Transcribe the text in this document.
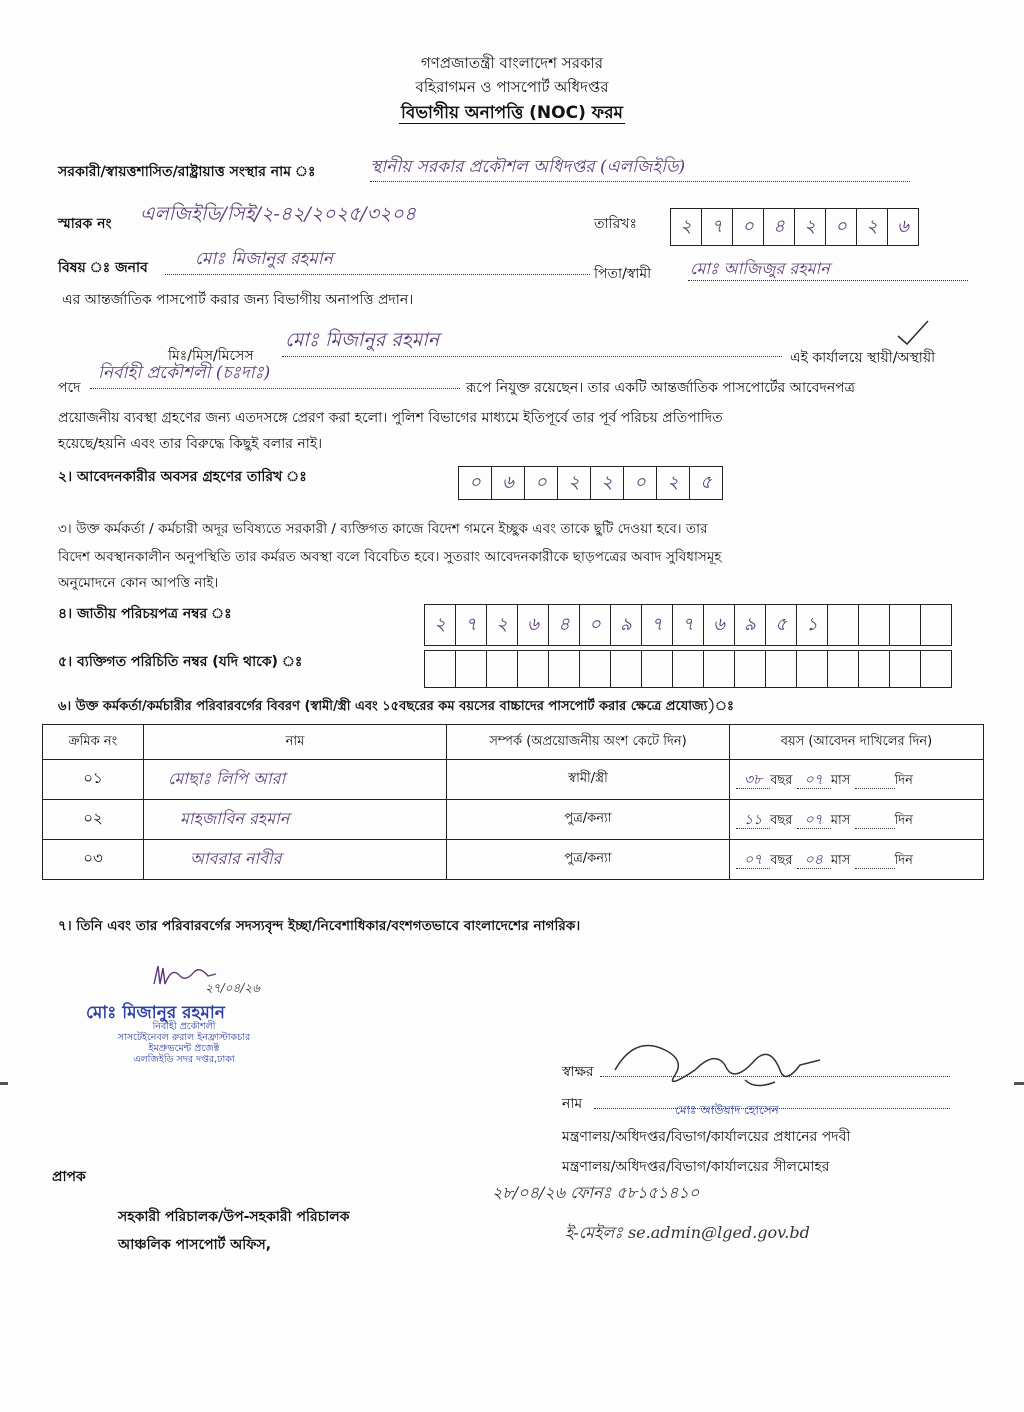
গণপ্রজাতন্ত্রী বাংলাদেশ সরকার
বহিরাগমন ও পাসপোর্ট অধিদপ্তর
বিভাগীয় অনাপত্তি (NOC) ফরম
সরকারী/স্বায়ত্তশাসিত/রাষ্ট্রায়াত্ত সংস্থার নাম ঃ	স্থানীয় সরকার প্রকৌশল অধিদপ্তর (এলজিইডি)
স্মারক নং এলজিইডি/সিই/২-৪২/২০২৫/৩২০৪	তারিখঃ	২	৭	০	৪	২	০	২	৬
বিষয় ঃ জনাব	মোঃ মিজানুর রহমান
পিতা/স্বামী মোঃ আজিজুর রহমান
এর আন্তর্জাতিক পাসপোর্ট করার জন্য বিভাগীয় অনাপত্তি প্রদান।
মিঃ/মিস/মিসেস
মোঃ মিজানুর রহমান
এই কার্যালয়ে স্থায়ী/অস্থায়ী
পদে
নির্বাহী প্রকৌশলী (চঃদাঃ)
রূপে নিযুক্ত রয়েছেন। তার একটি আন্তর্জাতিক পাসপোর্টের আবেদনপত্র
প্রয়োজনীয় ব্যবস্থা গ্রহণের জন্য এতদসঙ্গে প্রেরণ করা হলো। পুলিশ বিভাগের মাধ্যমে ইতিপূর্বে তার পূর্ব পরিচয় প্রতিপাদিত
হয়েছে/হয়নি এবং তার বিরুদ্ধে কিছুই বলার নাই।
২। আবেদনকারীর অবসর গ্রহণের তারিখ ঃ	০	৬	০	২	২	০	২	৫
৩। উক্ত কর্মকর্তা / কর্মচারী অদূর ভবিষ্যতে সরকারী / ব্যক্তিগত কাজে বিদেশ গমনে ইচ্ছুক এবং তাকে ছুটি দেওয়া হবে। তার
বিদেশ অবস্থানকালীন অনুপস্থিতি তার কর্মরত অবস্থা বলে বিবেচিত হবে। সুতরাং আবেদনকারীকে ছাড়পত্রের অবাদ সুবিধাসমূহ
অনুমোদনে কোন আপত্তি নাই।
৪। জাতীয় পরিচয়পত্র নম্বর ঃ	২	৭	২	৬	৪	০	৯	৭	৭	৬	৯	৫	১
৫। ব্যক্তিগত পরিচিতি নম্বর (যদি থাকে) ঃ
৬। উক্ত কর্মকর্তা/কর্মচারীর পরিবারবর্গের বিবরণ (স্বামী/স্ত্রী এবং ১৫বছরের কম বয়সের বাচ্চাদের পাসপোর্ট করার ক্ষেত্রে প্রযোজ্য)ঃ
ক্রমিক নং	নাম	সম্পর্ক (অপ্রয়োজনীয় অংশ কেটে দিন)	বয়স (আবেদন দাখিলের দিন)
০১	মোছাঃ লিপি আরা	স্বামী/স্ত্রী	৩৮ বছর ০৭ মাস দিন
০২	মাহজাবিন রহমান	পুত্র/কন্যা	১১ বছর ০৭ মাস দিন
০৩	আবরার নাবীর	পুত্র/কন্যা	০৭ বছর ০৪ মাস দিন
৭। তিনি এবং তার পরিবারবর্গের সদস্যবৃন্দ ইচ্ছা/নিবেশাধিকার/বংশগতভাবে বাংলাদেশের নাগরিক।
২৭/০৪/২৬
মোঃ মিজানুর রহমান
নির্বাহী প্রকৌশলী
সাসটেইনেবল রুরাল ইনফ্রাস্টাকচার
ইমপ্রুভমেন্ট প্রজেক্ট
এলজিইডি সদর দপ্তর,ঢাকা
স্বাক্ষর
নাম	মোঃ আউয়াদ হোসেন
মন্ত্রণালয়/অধিদপ্তর/বিভাগ/কার্যালয়ের প্রধানের পদবী
মন্ত্রণালয়/অধিদপ্তর/বিভাগ/কার্যালয়ের সীলমোহর
২৮/০৪/২৬ ফোনঃ ৫৮১৫১৪১০
ই-মেইলঃ se.admin@lged.gov.bd
প্রাপক
সহকারী পরিচালক/উপ-সহকারী পরিচালক
আঞ্চলিক পাসপোর্ট অফিস,
